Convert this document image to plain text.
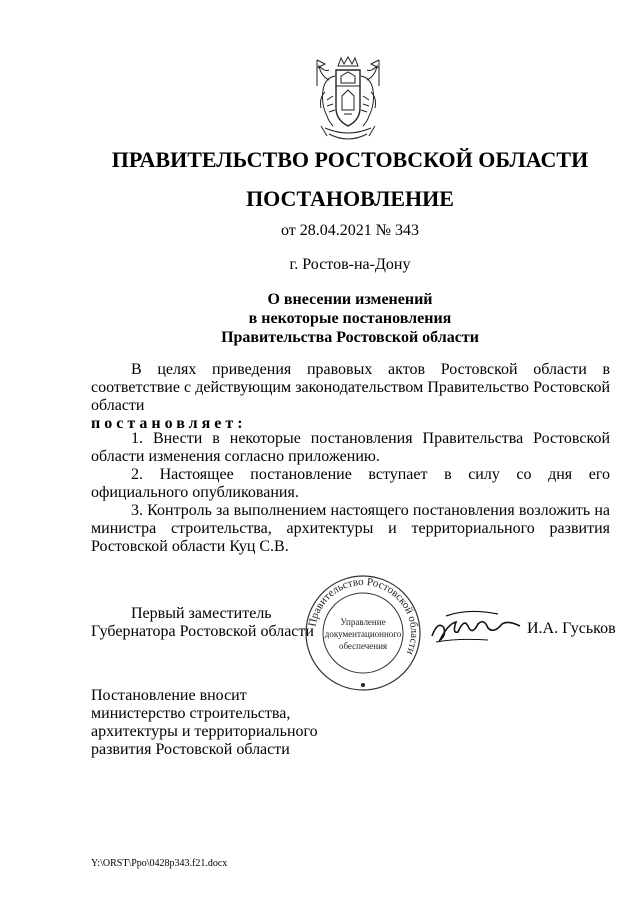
ПРАВИТЕЛЬСТВО РОСТОВСКОЙ ОБЛАСТИ
ПОСТАНОВЛЕНИЕ
от 28.04.2021 № 343
г. Ростов-на-Дону
О внесении изменений
в некоторые постановления
Правительства Ростовской области

В целях приведения правовых актов Ростовской области в соответствие с действующим законодательством Правительство Ростовской области
постановляет:

1. Внести в некоторые постановления Правительства Ростовской области изменения согласно приложению.

2. Настоящее постановление вступает в силу со дня его официального опубликования.

3. Контроль за выполнением настоящего постановления возложить на министра строительства, архитектуры и территориального развития Ростовской области Куц С.В.

Первый заместитель
Губернатора Ростовской области
Правительство Ростовской области
Управление
документационного
обеспечения
И.А. Гуськов
Постановление вносит
министерство строительства,
архитектуры и территориального
развития Ростовской области
Y:\ORST\Ppo\0428p343.f21.docx
